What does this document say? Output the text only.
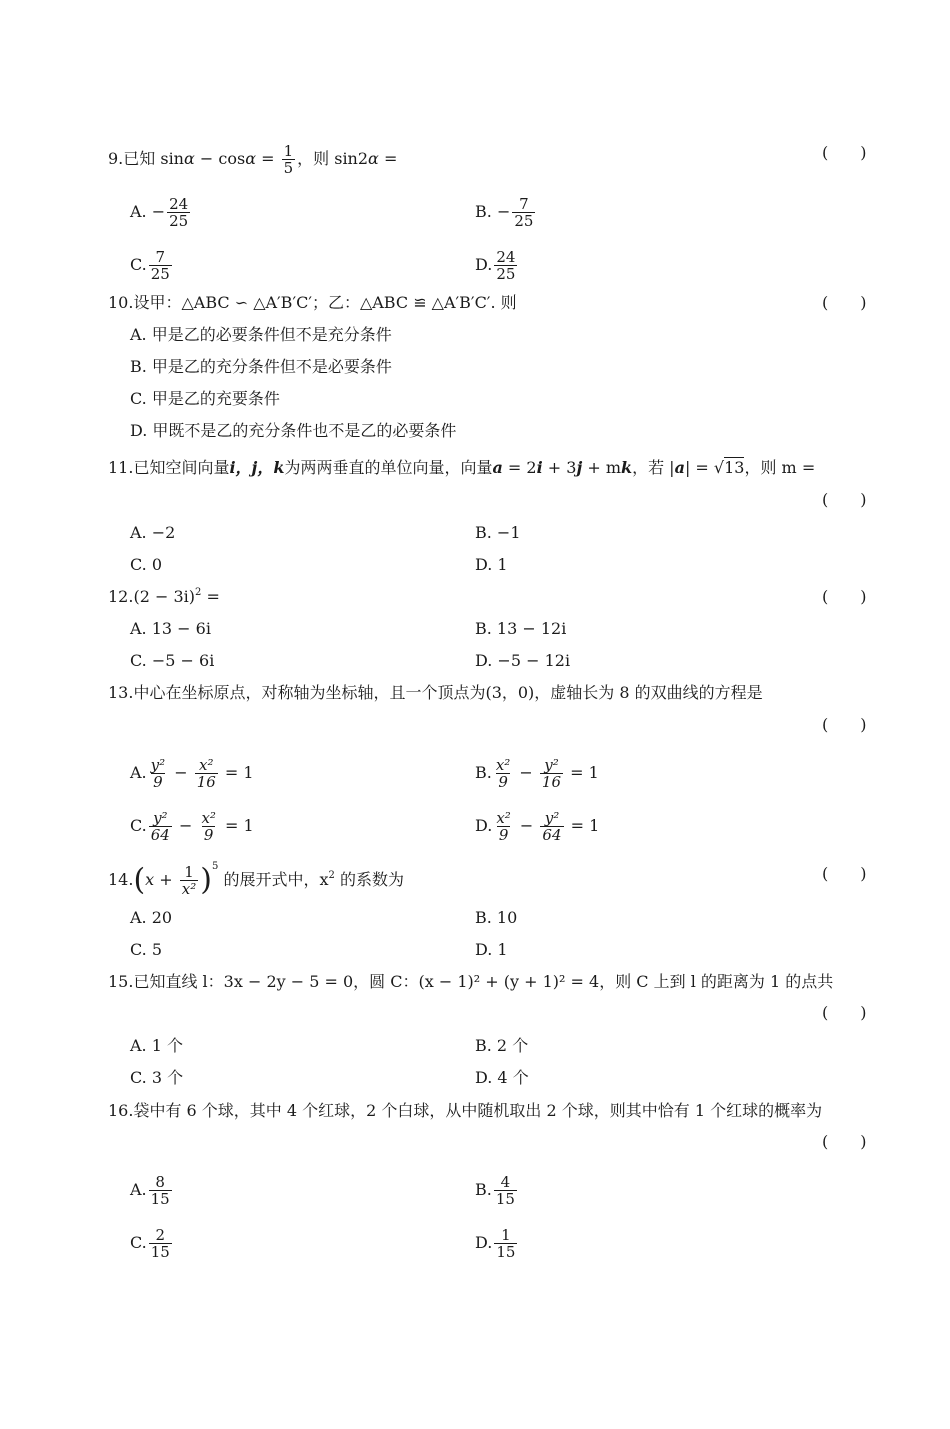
9.已知 $\sin\alpha - \cos\alpha = \frac{1}{5}$ ，则 sin2α =	(　　)
A. − $\frac{24}{25}$	B. − $\frac{7}{25}$
C. $\frac{7}{25}$	D. $\frac{24}{25}$
10.设甲：△ABC ∽ △A′B′C′；乙：△ABC ≌ △A′B′C′. 则	(　　)
A. 甲是乙的必要条件但不是充分条件
B. 甲是乙的充分条件但不是必要条件
C. 甲是乙的充要条件
D. 甲既不是乙的充分条件也不是乙的必要条件
11.已知空间向量i，j，k为两两垂直的单位向量，向量a = 2i + 3j + mk，若 |a| = √13，则 m =
(　　)
A. −2	B. −1
C. 0	D. 1
$12.(2 - 3i)^2$ =	(　　)
A. 13 − 6i	B. 13 − 12i
C. −5 − 6i	D. −5 − 12i
13.中心在坐标原点，对称轴为坐标轴，且一个顶点为(3，0)，虚轴长为 8 的双曲线的方程是
(　　)
A. $\frac{\text{y²}}{9} - \frac{\text{x²}}{16} = 1$	B. $\frac{\text{x²}}{9} - \frac{\text{y²}}{16} = 1$
C. $\frac{\text{y²}}{64} - \frac{\text{x²}}{9} = 1$	D. $\frac{\text{x²}}{9} - \frac{\text{y²}}{64} = 1$
$14.(x + \frac{1}{\text{x²}} )^5$ 的展开式中，$x^2$ 的系数为	(　　)
A. 20	B. 10
C. 5	D. 1
15.已知直线 l：3x − 2y − 5 = 0，圆 C：(x − 1)² + (y + 1)² = 4，则 C 上到 l 的距离为 1 的点共
(　　)
A. 1 个	B. 2 个
C. 3 个	D. 4 个
16.袋中有 6 个球，其中 4 个红球，2 个白球，从中随机取出 2 个球，则其中恰有 1 个红球的概率为
(　　)
A. $\frac{8}{15}$	B. $\frac{4}{15}$
C. $\frac{2}{15}$	D. $\frac{1}{15}$
